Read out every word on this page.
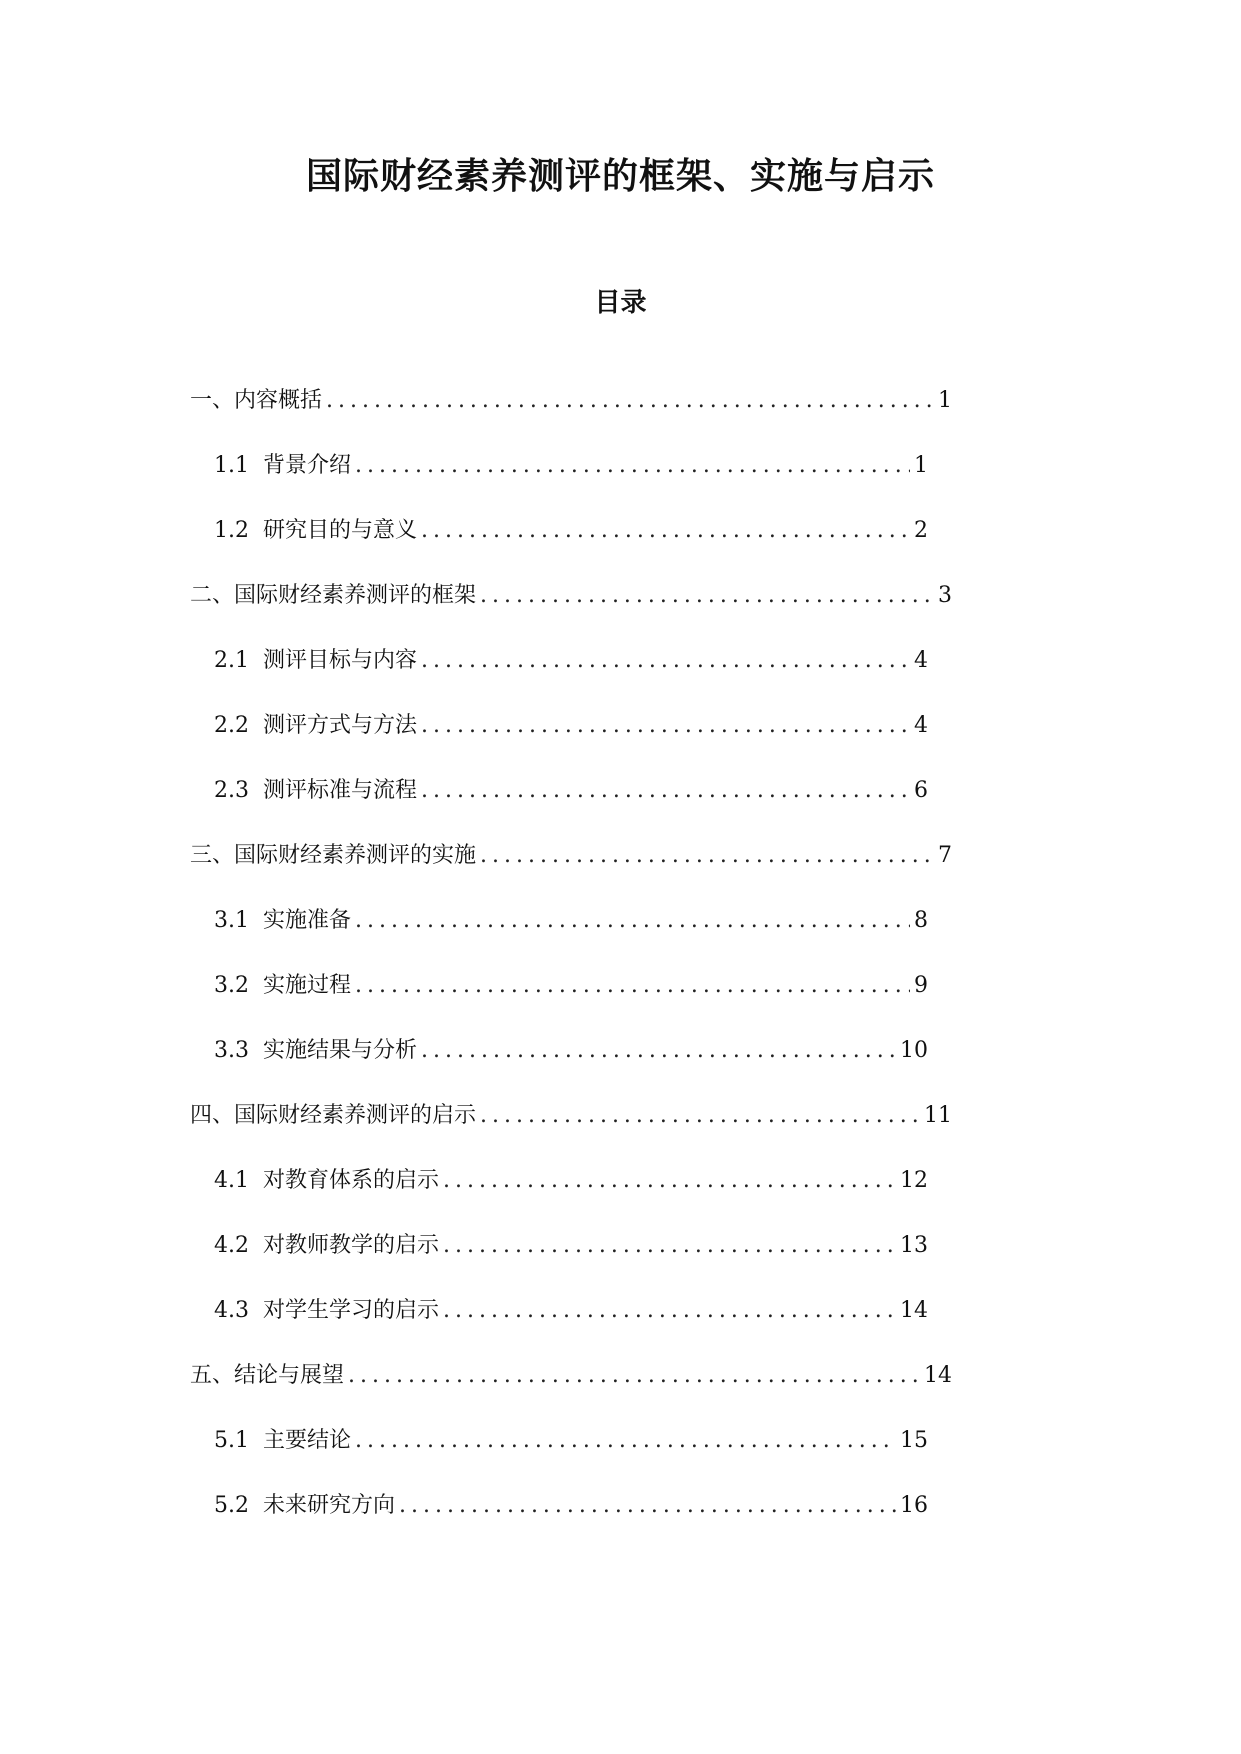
国际财经素养测评的框架、实施与启示
目录
一、内容概括 .....	1
1.1 背景介绍 .....	1
1.2 研究目的与意义 .....	2
二、国际财经素养测评的框架 .....	3
2.1 测评目标与内容 .....	4
2.2 测评方式与方法 .....	4
2.3 测评标准与流程 .....	6
三、国际财经素养测评的实施 .....	7
3.1 实施准备 .....	8
3.2 实施过程 .....	9
3.3 实施结果与分析 .....	10
四、国际财经素养测评的启示 .....	11
4.1 对教育体系的启示 .....	12
4.2 对教师教学的启示 .....	13
4.3 对学生学习的启示 .....	14
五、结论与展望 .....	14
5.1 主要结论 .....	15
5.2 未来研究方向 .....	16
